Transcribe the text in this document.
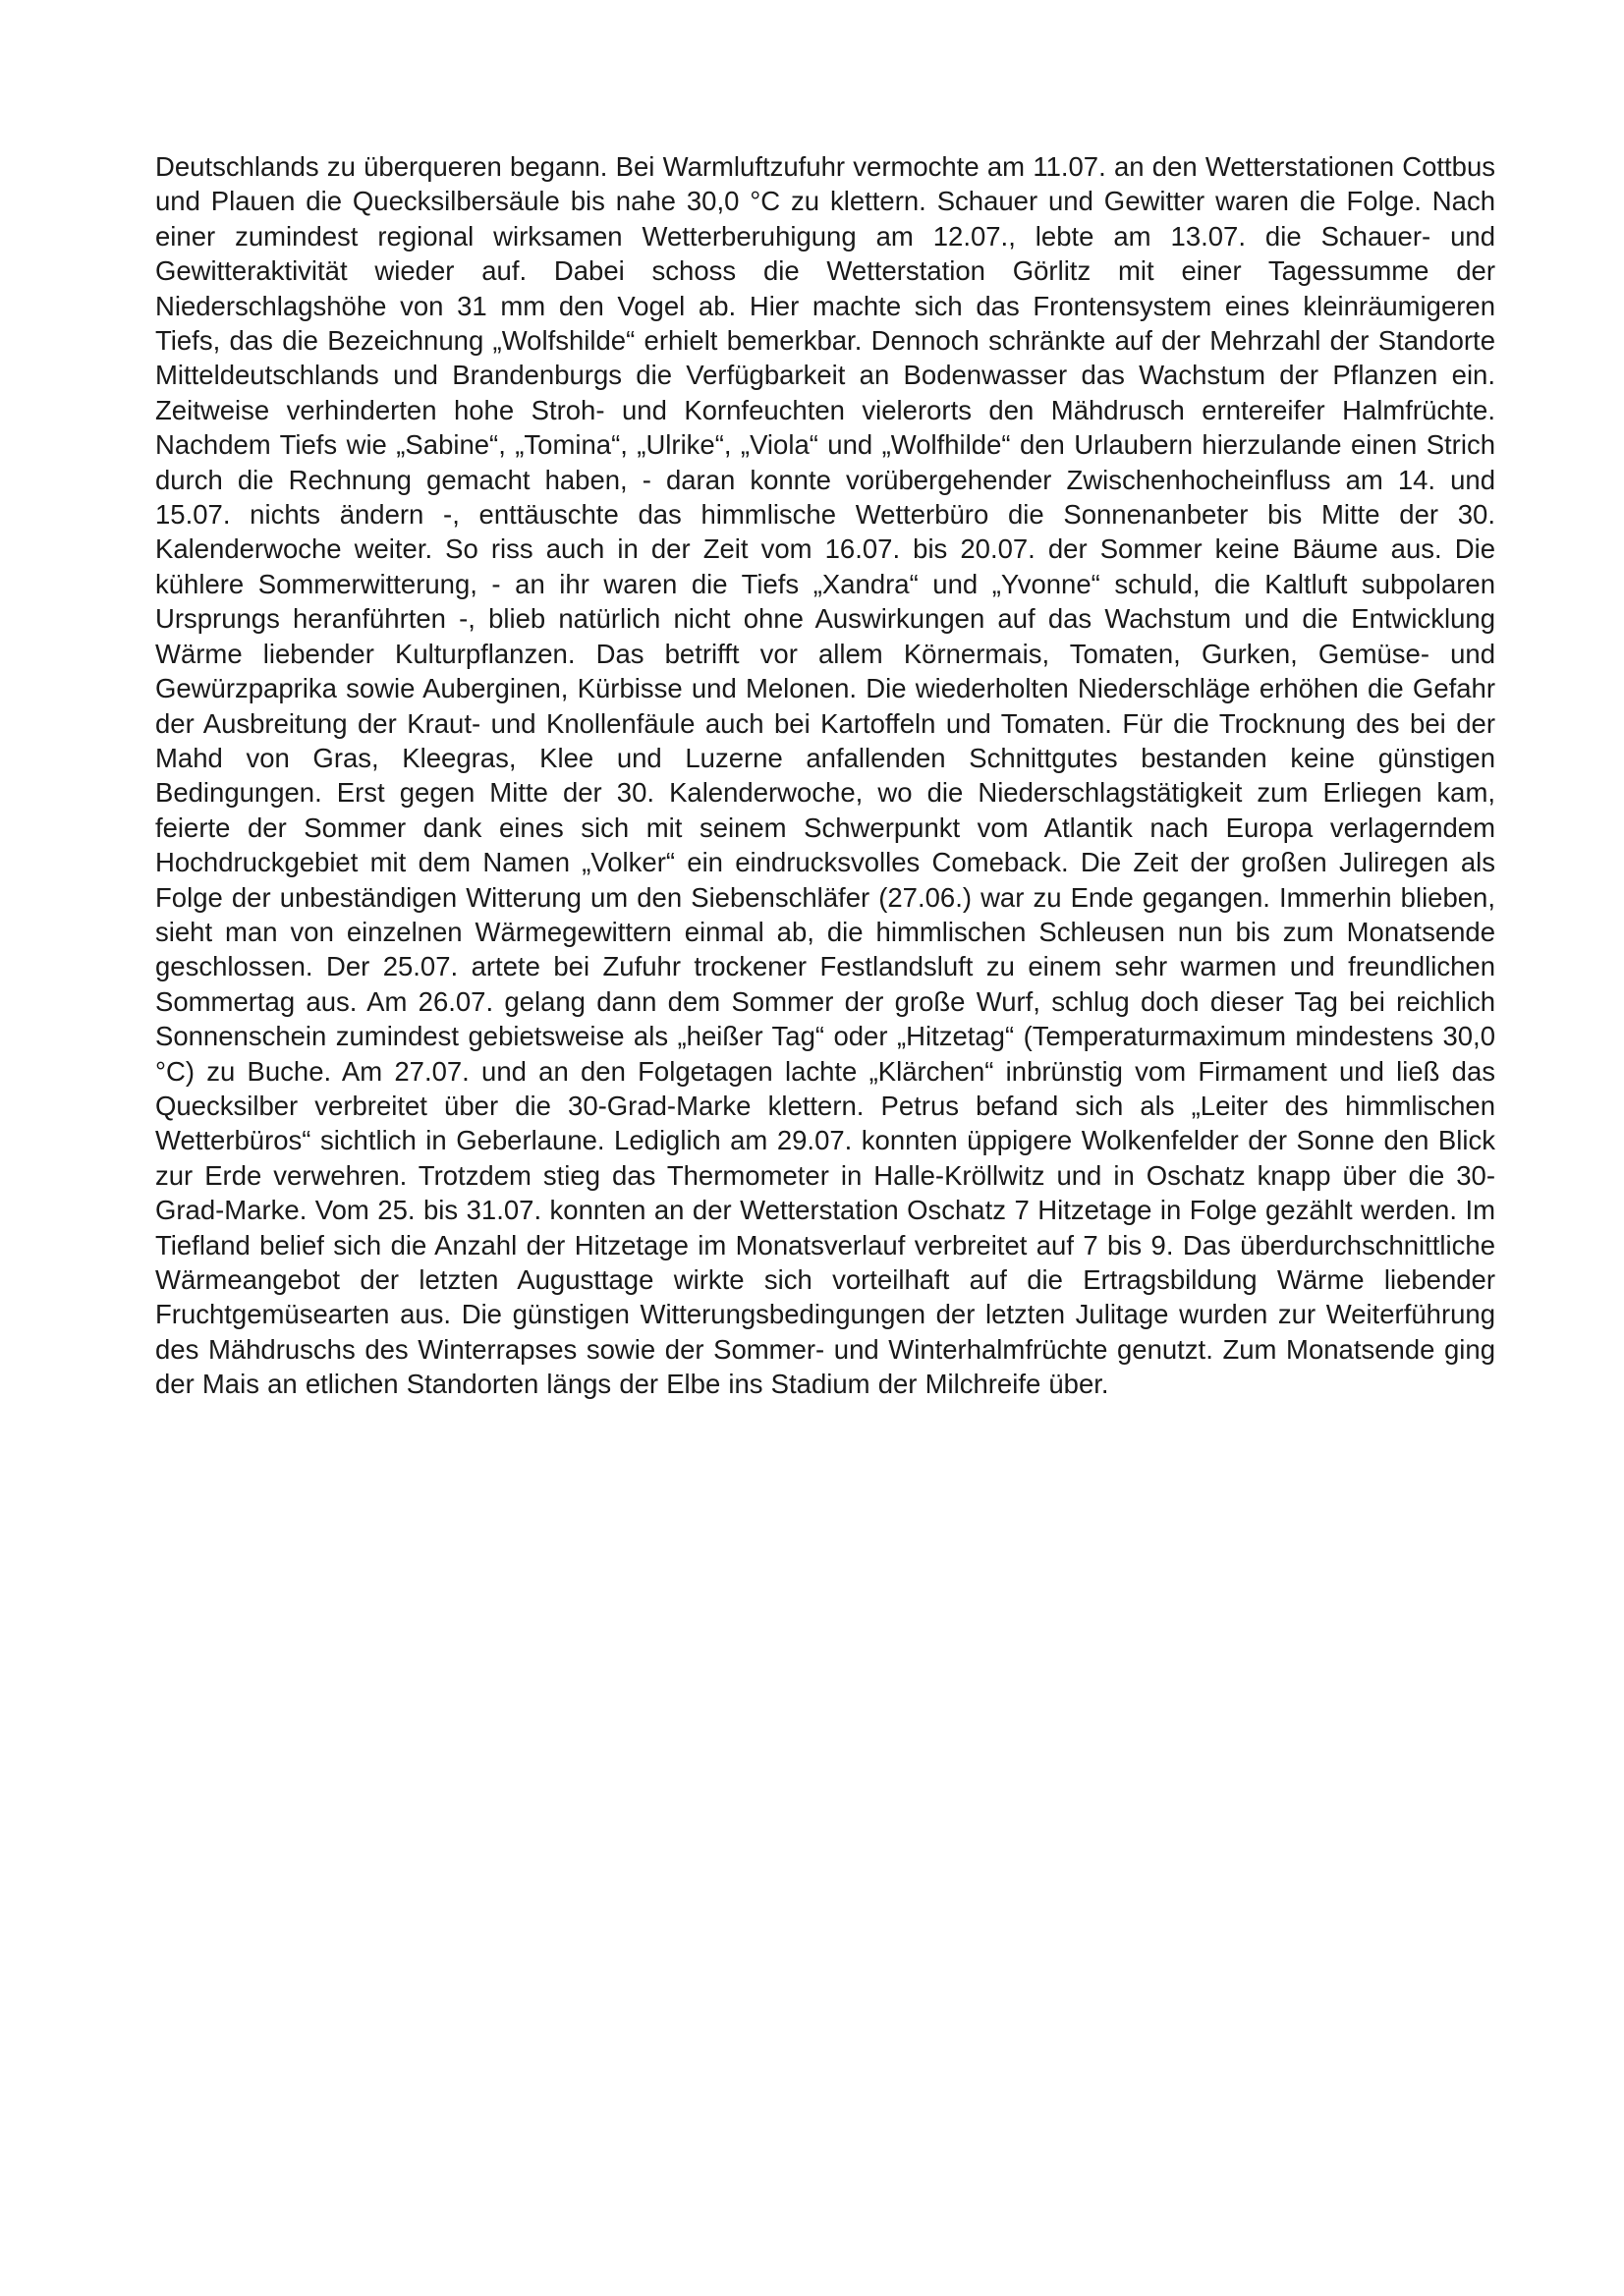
Deutschlands zu überqueren begann. Bei Warmluftzufuhr vermochte am 11.07. an den Wetterstationen Cottbus und Plauen die Quecksilbersäule bis nahe 30,0 °C zu klettern. Schauer und Gewitter waren die Folge. Nach einer zumindest regional wirksamen Wetterberuhigung am 12.07., lebte am 13.07. die Schauer- und Gewitteraktivität wieder auf. Dabei schoss die Wetterstation Görlitz mit einer Tagessumme der Niederschlagshöhe von 31 mm den Vogel ab. Hier machte sich das Frontensystem eines kleinräumigeren Tiefs, das die Bezeichnung „Wolfshilde“ erhielt bemerkbar. Dennoch schränkte auf der Mehrzahl der Standorte Mitteldeutschlands und Brandenburgs die Verfügbarkeit an Bodenwasser das Wachstum der Pflanzen ein. Zeitweise verhinderten hohe Stroh- und Kornfeuchten vielerorts den Mähdrusch erntereifer Halmfrüchte. Nachdem Tiefs wie „Sabine“, „Tomina“, „Ulrike“, „Viola“ und „Wolfhilde“ den Urlaubern hierzulande einen Strich durch die Rechnung gemacht haben, - daran konnte vorübergehender Zwischenhocheinfluss am 14. und 15.07. nichts ändern -, enttäuschte das himmlische Wetterbüro die Sonnenanbeter bis Mitte der 30. Kalenderwoche weiter. So riss auch in der Zeit vom 16.07. bis 20.07. der Sommer keine Bäume aus. Die kühlere Sommerwitterung, - an ihr waren die Tiefs „Xandra“ und „Yvonne“ schuld, die Kaltluft subpolaren Ursprungs heranführten -, blieb natürlich nicht ohne Auswirkungen auf das Wachstum und die Entwicklung Wärme liebender Kulturpflanzen. Das betrifft vor allem Körnermais, Tomaten, Gurken, Gemüse- und Gewürzpaprika sowie Auberginen, Kürbisse und Melonen. Die wiederholten Niederschläge erhöhen die Gefahr der Ausbreitung der Kraut- und Knollenfäule auch bei Kartoffeln und Tomaten. Für die Trocknung des bei der Mahd von Gras, Kleegras, Klee und Luzerne anfallenden Schnittgutes bestanden keine günstigen Bedingungen. Erst gegen Mitte der 30. Kalenderwoche, wo die Niederschlagstätigkeit zum Erliegen kam, feierte der Sommer dank eines sich mit seinem Schwerpunkt vom Atlantik nach Europa verlagerndem Hochdruckgebiet mit dem Namen „Volker“ ein eindrucksvolles Comeback. Die Zeit der großen Juliregen als Folge der unbeständigen Witterung um den Siebenschläfer (27.06.) war zu Ende gegangen. Immerhin blieben, sieht man von einzelnen Wärmegewittern einmal ab, die himmlischen Schleusen nun bis zum Monatsende geschlossen. Der 25.07. artete bei Zufuhr trockener Festlandsluft zu einem sehr warmen und freundlichen Sommertag aus. Am 26.07. gelang dann dem Sommer der große Wurf, schlug doch dieser Tag bei reichlich Sonnenschein zumindest gebietsweise als „heißer Tag“ oder „Hitzetag“ (Temperaturmaximum mindestens 30,0 °C) zu Buche. Am 27.07. und an den Folgetagen lachte „Klärchen“ inbrünstig vom Firmament und ließ das Quecksilber verbreitet über die 30-Grad-Marke klettern. Petrus befand sich als „Leiter des himmlischen Wetterbüros“ sichtlich in Geberlaune. Lediglich am 29.07. konnten üppigere Wolkenfelder der Sonne den Blick zur Erde verwehren. Trotzdem stieg das Thermometer in Halle-Kröllwitz und in Oschatz knapp über die 30-Grad-Marke. Vom 25. bis 31.07. konnten an der Wetterstation Oschatz 7 Hitzetage in Folge gezählt werden. Im Tiefland belief sich die Anzahl der Hitzetage im Monatsverlauf verbreitet auf 7 bis 9. Das überdurchschnittliche Wärmeangebot der letzten Augusttage wirkte sich vorteilhaft auf die Ertragsbildung Wärme liebender Fruchtgemüsearten aus. Die günstigen Witterungsbedingungen der letzten Julitage wurden zur Weiterführung des Mähdruschs des Winterrapses sowie der Sommer- und Winterhalmfrüchte genutzt. Zum Monatsende ging der Mais an etlichen Standorten längs der Elbe ins Stadium der Milchreife über.
